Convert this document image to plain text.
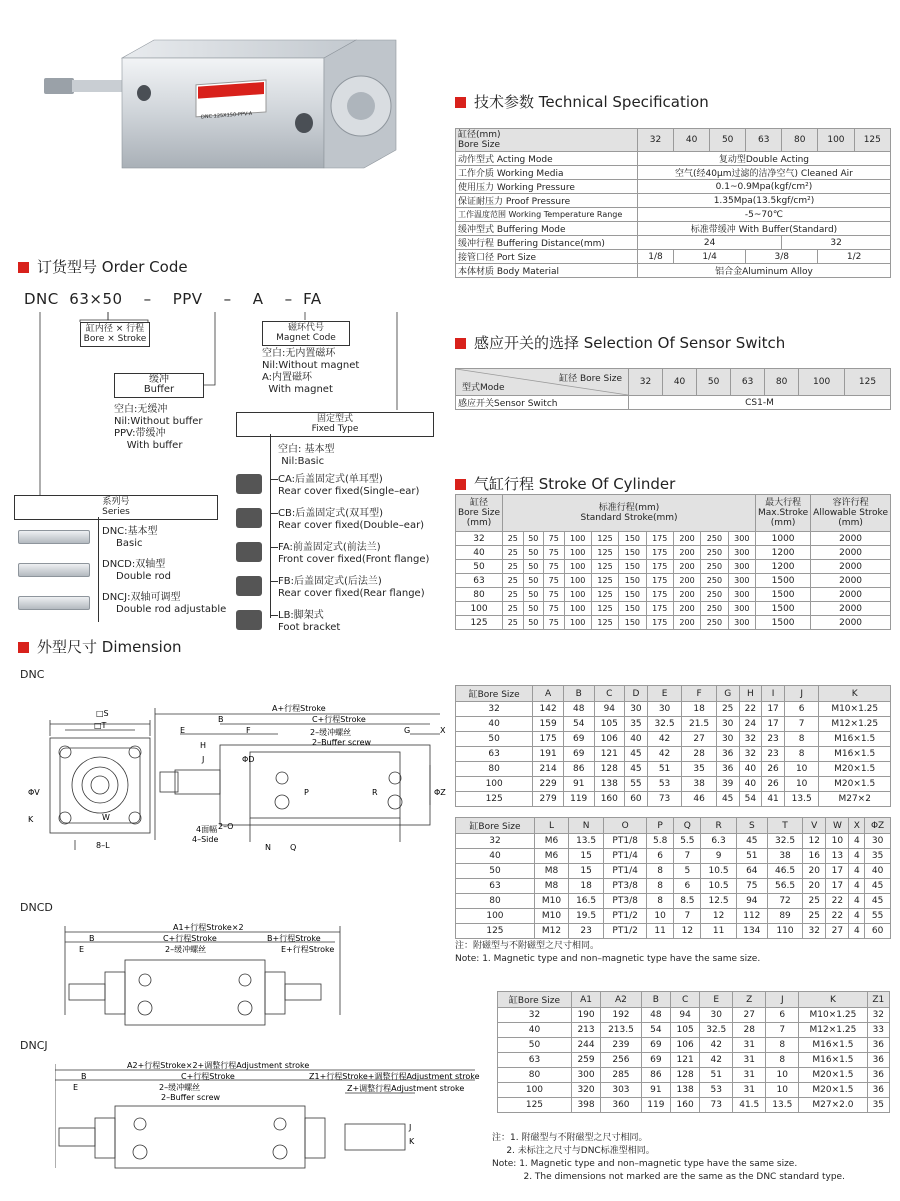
SNZ CYLINDER
DNC 125X150-PPV-A
技术参数 Technical Specification
缸径(mm)
Bore Size	32	40	50	63	80	100	125
动作型式 Acting Mode	复动型Double Acting						
工作介质 Working Media	空气(经40μm过滤的洁净空气) Cleaned Air						
使用压力 Working Pressure	0.1~0.9Mpa(kgf/cm²)						
保证耐压力 Proof Pressure	1.35Mpa(13.5kgf/cm²)						
工作温度范围 Working Temperature Range	-5~70℃						
缓冲型式 Buffering Mode	标准带缓冲 With Buffer(Standard)						
缓冲行程 Buffering Distance(mm)	24				32		
接管口径 Port Size	1/8	1/4		3/8		1/2	
本体材质 Body Material	铝合金Aluminum Alloy						
感应开关的选择 Selection Of Sensor Switch
缸径 Bore Size
型式Mode	32	40	50	63	80	100	125
感应开关Sensor Switch	CS1-M						
气缸行程 Stroke Of Cylinder
缸径
Bore Size
(mm)	标准行程(mm)
Standard Stroke(mm)										最大行程
Max.Stroke
(mm)	容许行程
Allowable Stroke
(mm)
32	25	50	75	100	125	150	175	200	250	300	1000	2000
40	25	50	75	100	125	150	175	200	250	300	1200	2000
50	25	50	75	100	125	150	175	200	250	300	1200	2000
63	25	50	75	100	125	150	175	200	250	300	1500	2000
80	25	50	75	100	125	150	175	200	250	300	1500	2000
100	25	50	75	100	125	150	175	200	250	300	1500	2000
125	25	50	75	100	125	150	175	200	250	300	1500	2000
订货型号 Order Code
DNC 63×50 – PPV – A – FA
缸内径 × 行程
Bore × Stroke
缓冲
Buffer
空白:无缓冲
Nil:Without buffer
PPV:带缓冲
With buffer
磁环代号
Magnet Code
空白:无内置磁环
Nil:Without magnet
A:内置磁环
With magnet
固定型式
Fixed Type
空白: 基本型
Nil:Basic
CA:后盖固定式(单耳型)
Rear cover fixed(Single–ear)
CB:后盖固定式(双耳型)
Rear cover fixed(Double–ear)
FA:前盖固定式(前法兰)
Front cover fixed(Front flange)
FB:后盖固定式(后法兰)
Rear cover fixed(Rear flange)
LB:脚架式
Foot bracket
系列号
Series
DNC:基本型
Basic
DNCD:双轴型
Double rod
DNCJ:双轴可调型
Double rod adjustable
外型尺寸 Dimension
DNC
DNCD
DNCJ
□S
□T
ΦV
8–L
K	W
2–O
4面幅
4–Side
A+行程Stroke
C+行程Stroke
B
E	F	G	X
H
J	ΦD
2–缓冲螺丝
2–Buffer screw
N Q
P	R	ΦZ
A1+行程Stroke×2
C+行程Stroke	B+行程Stroke
E+行程Stroke
B
E	2–缓冲螺丝
A2+行程Stroke×2+调整行程Adjustment stroke
C+行程Stroke	Z1+行程Stroke+调整行程Adjustment stroke
Z+调整行程Adjustment stroke
B
E	2–缓冲螺丝
2–Buffer screw
J
K
缸Bore Size	A	B	C	D	E	F	G	H	I	J	K
32	142	48	94	30	30	18	25	22	17	6	M10×1.25
40	159	54	105	35	32.5	21.5	30	24	17	7	M12×1.25
50	175	69	106	40	42	27	30	32	23	8	M16×1.5
63	191	69	121	45	42	28	36	32	23	8	M16×1.5
80	214	86	128	45	51	35	36	40	26	10	M20×1.5
100	229	91	138	55	53	38	39	40	26	10	M20×1.5
125	279	119	160	60	73	46	45	54	41	13.5	M27×2
缸Bore Size	L	N	O	P	Q	R	S	T	V	W	X	ΦZ
32	M6	13.5	PT1/8	5.8	5.5	6.3	45	32.5	12	10	4	30
40	M6	15	PT1/4	6	7	9	51	38	16	13	4	35
50	M8	15	PT1/4	8	5	10.5	64	46.5	20	17	4	40
63	M8	18	PT3/8	8	6	10.5	75	56.5	20	17	4	45
80	M10	16.5	PT3/8	8	8.5	12.5	94	72	25	22	4	45
100	M10	19.5	PT1/2	10	7	12	112	89	25	22	4	55
125	M12	23	PT1/2	11	12	11	134	110	32	27	4	60
注：附磁型与不附磁型之尺寸相同。
Note: 1. Magnetic type and non–magnetic type have the same size.
缸Bore Size	A1	A2	B	C	E	Z	J	K	Z1
32	190	192	48	94	30	27	6	M10×1.25	32
40	213	213.5	54	105	32.5	28	7	M12×1.25	33
50	244	239	69	106	42	31	8	M16×1.5	36
63	259	256	69	121	42	31	8	M16×1.5	36
80	300	285	86	128	51	31	10	M20×1.5	36
100	320	303	91	138	53	31	10	M20×1.5	36
125	398	360	119	160	73	41.5	13.5	M27×2.0	35
注：1. 附磁型与不附磁型之尺寸相同。
2. 未标注之尺寸与DNC标准型相同。
Note: 1. Magnetic type and non–magnetic type have the same size.
2. The dimensions not marked are the same as the DNC standard type.
